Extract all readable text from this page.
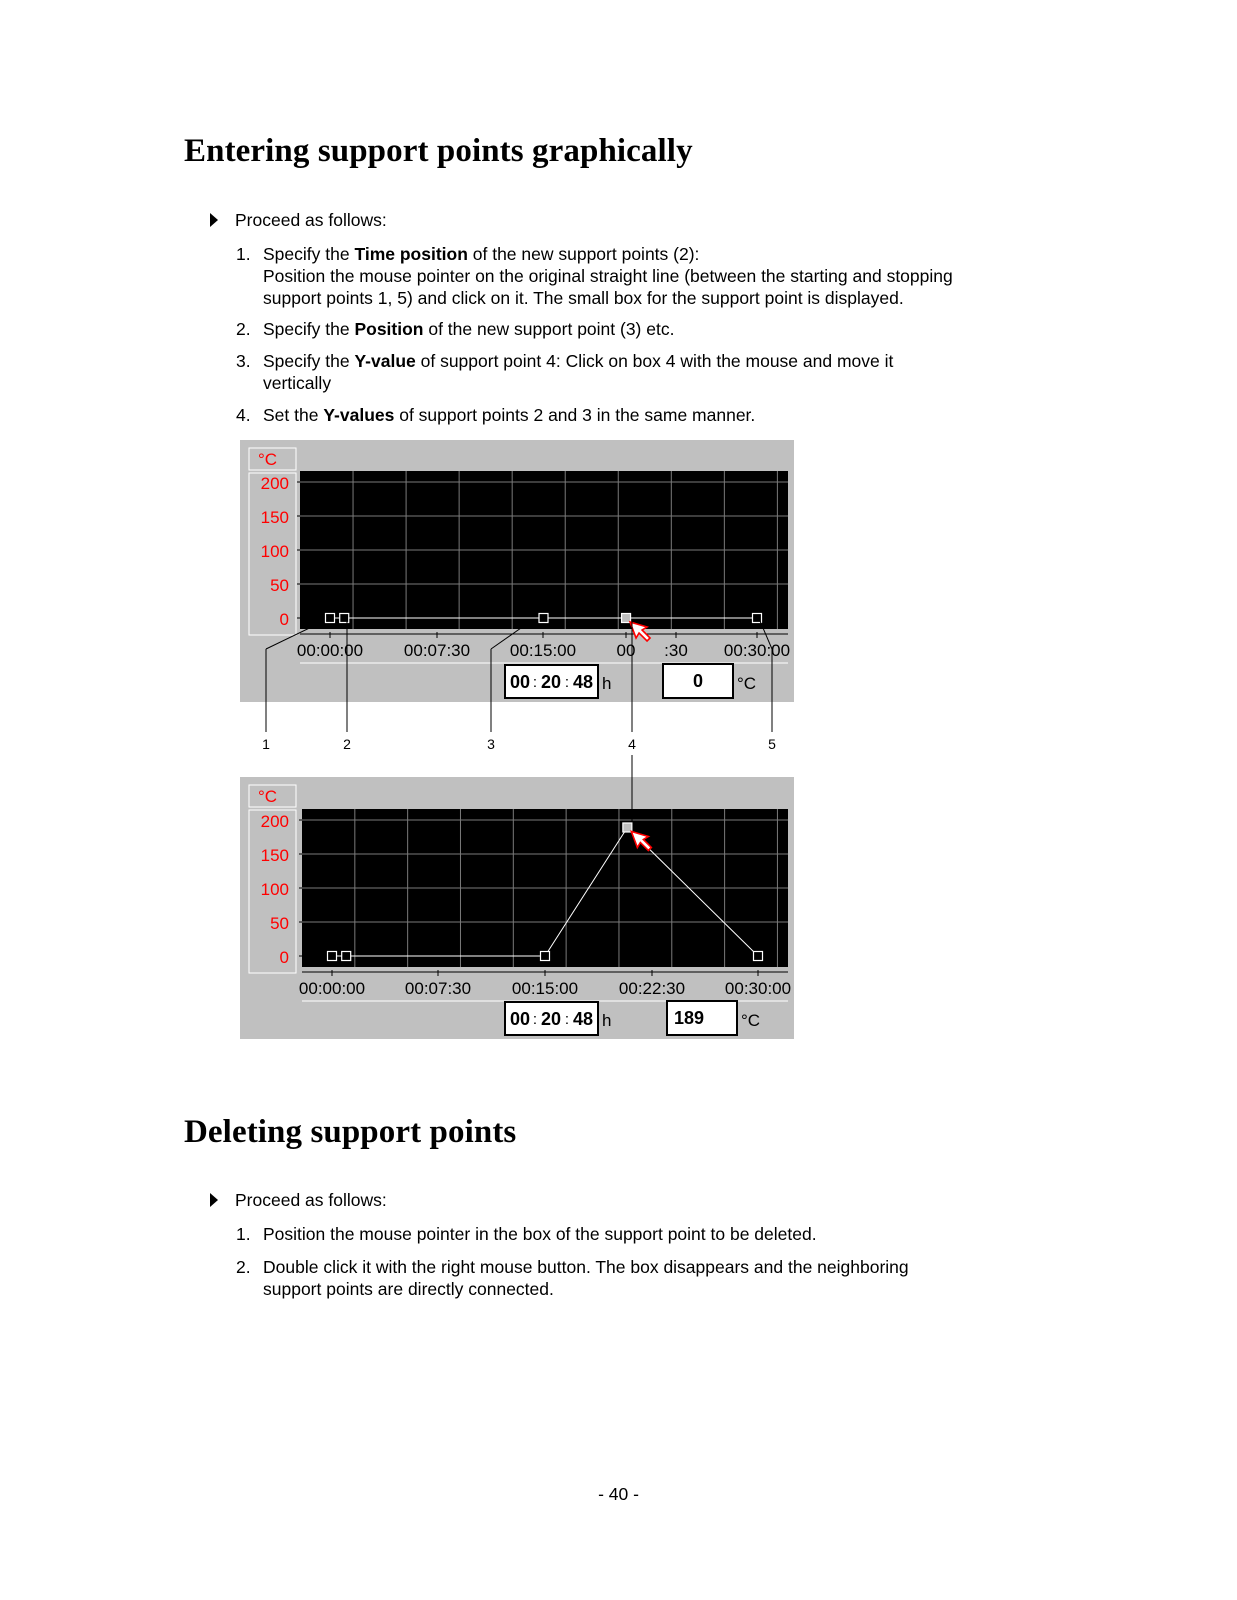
Entering support points graphically
Proceed as follows:
1. Specify the Time position of the new support points (2):
Position the mouse pointer on the original straight line (between the starting and stopping
support points 1, 5) and click on it. The small box for the support point is displayed.
2. Specify the Position of the new support point (3) etc.
3. Specify the Y-value of support point 4: Click on box 4 with the mouse and move it
vertically
4. Set the Y-values of support points 2 and 3 in the same manner.
°C
200
150
100
50
0
00:00:00 00:07:30 00:15:00 00 :30 00:30:00
00 : 20 : 48 h	0 °C
°C
200
150
100
50
0
00:00:00 00:07:30 00:15:00 00:22:30 00:30:00
00 : 20 : 48 h	189 °C
1	2	3	4	5
Deleting support points
Proceed as follows:
1. Position the mouse pointer in the box of the support point to be deleted.
2. Double click it with the right mouse button. The box disappears and the neighboring
support points are directly connected.
- 40 -
